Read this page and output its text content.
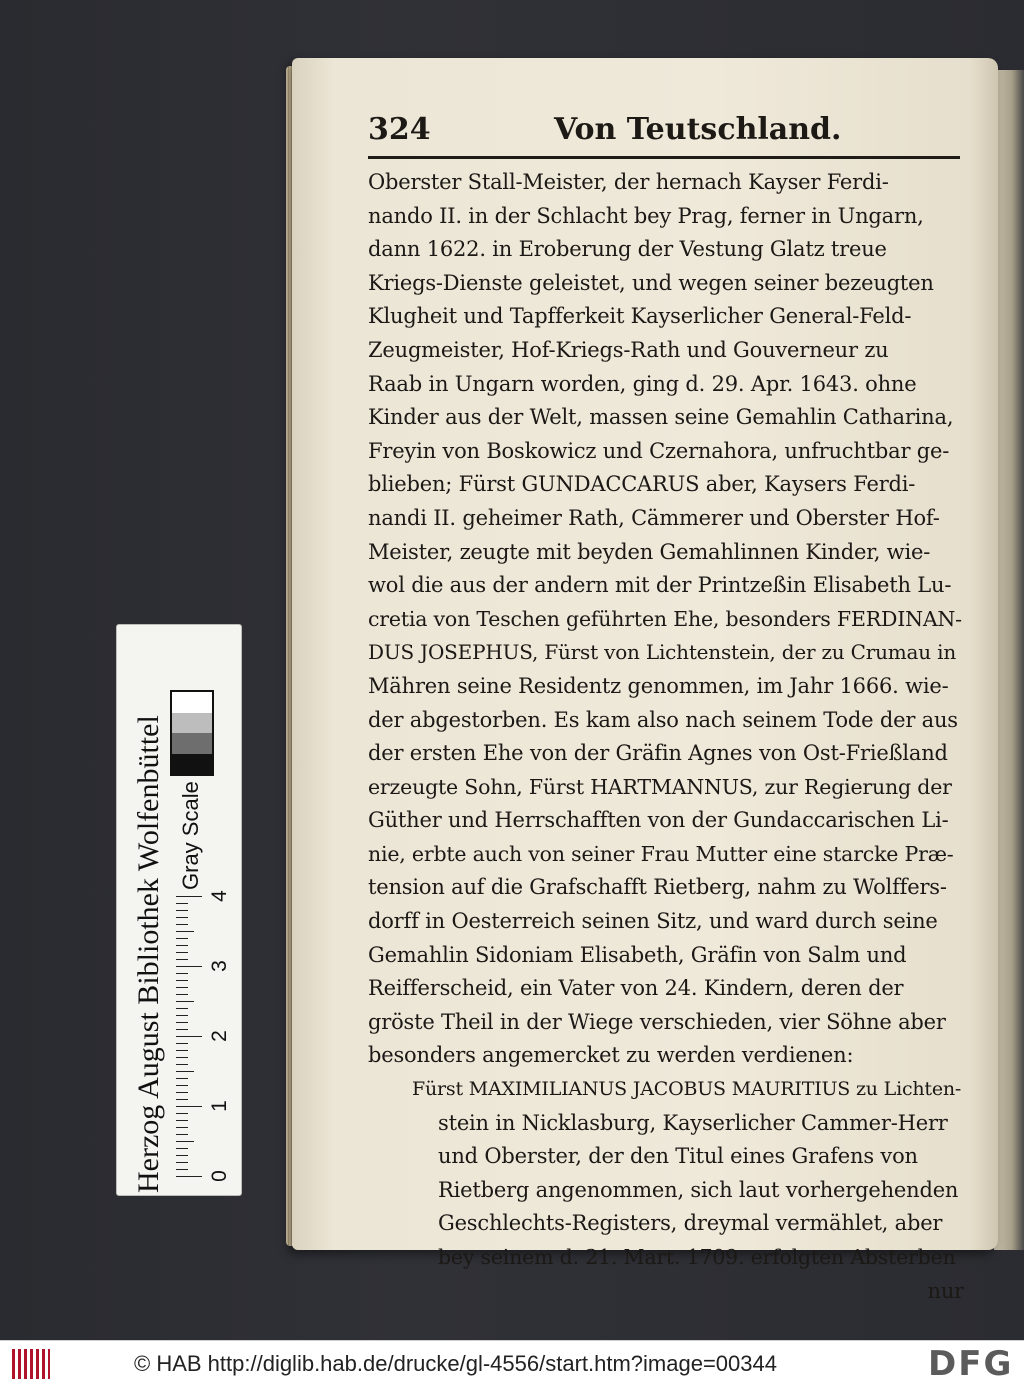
324	Von Teutschland.
Oberster Stall-Meister, der hernach Kayser Ferdi-
nando II. in der Schlacht bey Prag, ferner in Ungarn,
dann 1622. in Eroberung der Vestung Glatz treue
Kriegs-Dienste geleistet, und wegen seiner bezeugten
Klugheit und Tapfferkeit Kayserlicher General-Feld-
Zeugmeister, Hof-Kriegs-Rath und Gouverneur zu
Raab in Ungarn worden, ging d. 29. Apr. 1643. ohne
Kinder aus der Welt, massen seine Gemahlin Catharina,
Freyin von Boskowicz und Czernahora, unfruchtbar ge-
blieben; Fürst GUNDACCARUS aber, Kaysers Ferdi-
nandi II. geheimer Rath, Cämmerer und Oberster Hof-
Meister, zeugte mit beyden Gemahlinnen Kinder, wie-
wol die aus der andern mit der Printzeßin Elisabeth Lu-
cretia von Teschen geführten Ehe, besonders FERDINAN-
DUS JOSEPHUS, Fürst von Lichtenstein, der zu Crumau in
Mähren seine Residentz genommen, im Jahr 1666. wie-
der abgestorben. Es kam also nach seinem Tode der aus
der ersten Ehe von der Gräfin Agnes von Ost-Frießland
erzeugte Sohn, Fürst HARTMANNUS, zur Regierung der
Güther und Herrschafften von der Gundaccarischen Li-
nie, erbte auch von seiner Frau Mutter eine starcke Præ-
tension auf die Grafschafft Rietberg, nahm zu Wolffers-
dorff in Oesterreich seinen Sitz, und ward durch seine
Gemahlin Sidoniam Elisabeth, Gräfin von Salm und
Reifferscheid, ein Vater von 24. Kindern, deren der
gröste Theil in der Wiege verschieden, vier Söhne aber
besonders angemercket zu werden verdienen:
Fürst MAXIMILIANUS JACOBUS MAURITIUS zu Lichten-
stein in Nicklasburg, Kayserlicher Cammer-Herr
und Oberster, der den Titul eines Grafens von
Rietberg angenommen, sich laut vorhergehenden
Geschlechts-Registers, dreymal vermählet, aber
bey seinem d. 21. Mart. 1709. erfolgten Absterben
nur
Herzog August Bibliothek Wolfenbüttel Gray Scale
0
1
2
3
4
© HAB http://diglib.hab.de/drucke/gl-4556/start.htm?image=00344	DFG
